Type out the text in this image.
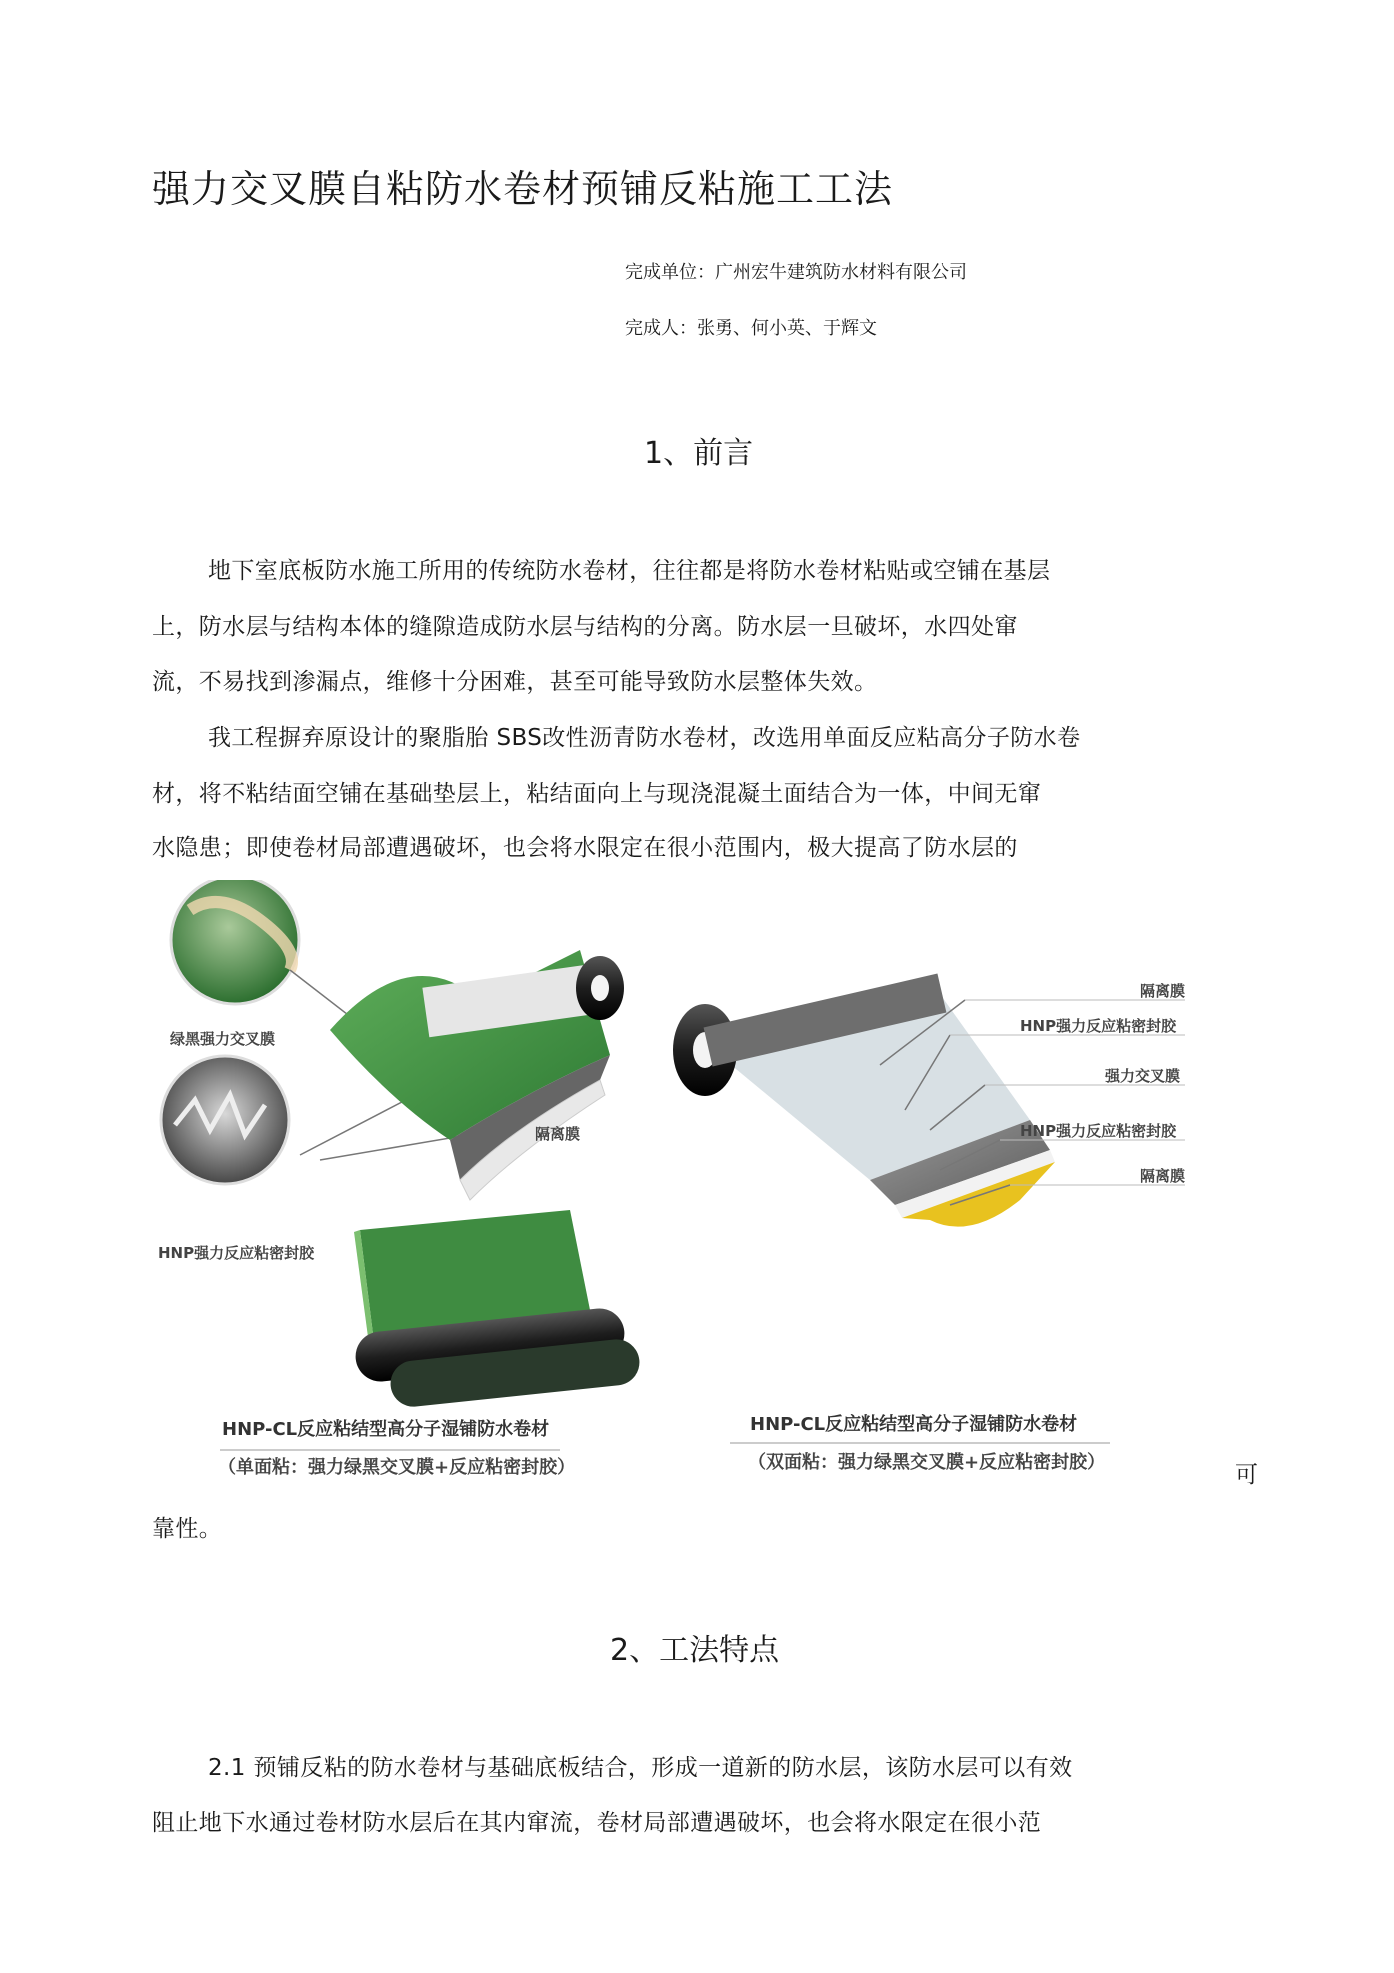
强力交叉膜自粘防水卷材预铺反粘施工工法
完成单位：广州宏牛建筑防水材料有限公司
完成人：张勇、何小英、于辉文
1、前言
地下室底板防水施工所用的传统防水卷材，往往都是将防水卷材粘贴或空铺在基层
上，防水层与结构本体的缝隙造成防水层与结构的分离。防水层一旦破坏，水四处窜
流，不易找到渗漏点，维修十分困难，甚至可能导致防水层整体失效。
我工程摒弃原设计的聚脂胎 SBS改性沥青防水卷材，改选用单面反应粘高分子防水卷
材，将不粘结面空铺在基础垫层上，粘结面向上与现浇混凝土面结合为一体，中间无窜
水隐患；即使卷材局部遭遇破坏，也会将水限定在很小范围内，极大提高了防水层的
绿黑强力交叉膜
隔离膜
HNP强力反应粘密封胶
HNP-CL反应粘结型高分子湿铺防水卷材
（单面粘：强力绿黑交叉膜+反应粘密封胶）
隔离膜
HNP强力反应粘密封胶
强力交叉膜
HNP强力反应粘密封胶
隔离膜
HNP-CL反应粘结型高分子湿铺防水卷材
（双面粘：强力绿黑交叉膜+反应粘密封胶）	可
靠性。
2、工法特点
2.1 预铺反粘的防水卷材与基础底板结合，形成一道新的防水层，该防水层可以有效
阻止地下水通过卷材防水层后在其内窜流，卷材局部遭遇破坏，也会将水限定在很小范
